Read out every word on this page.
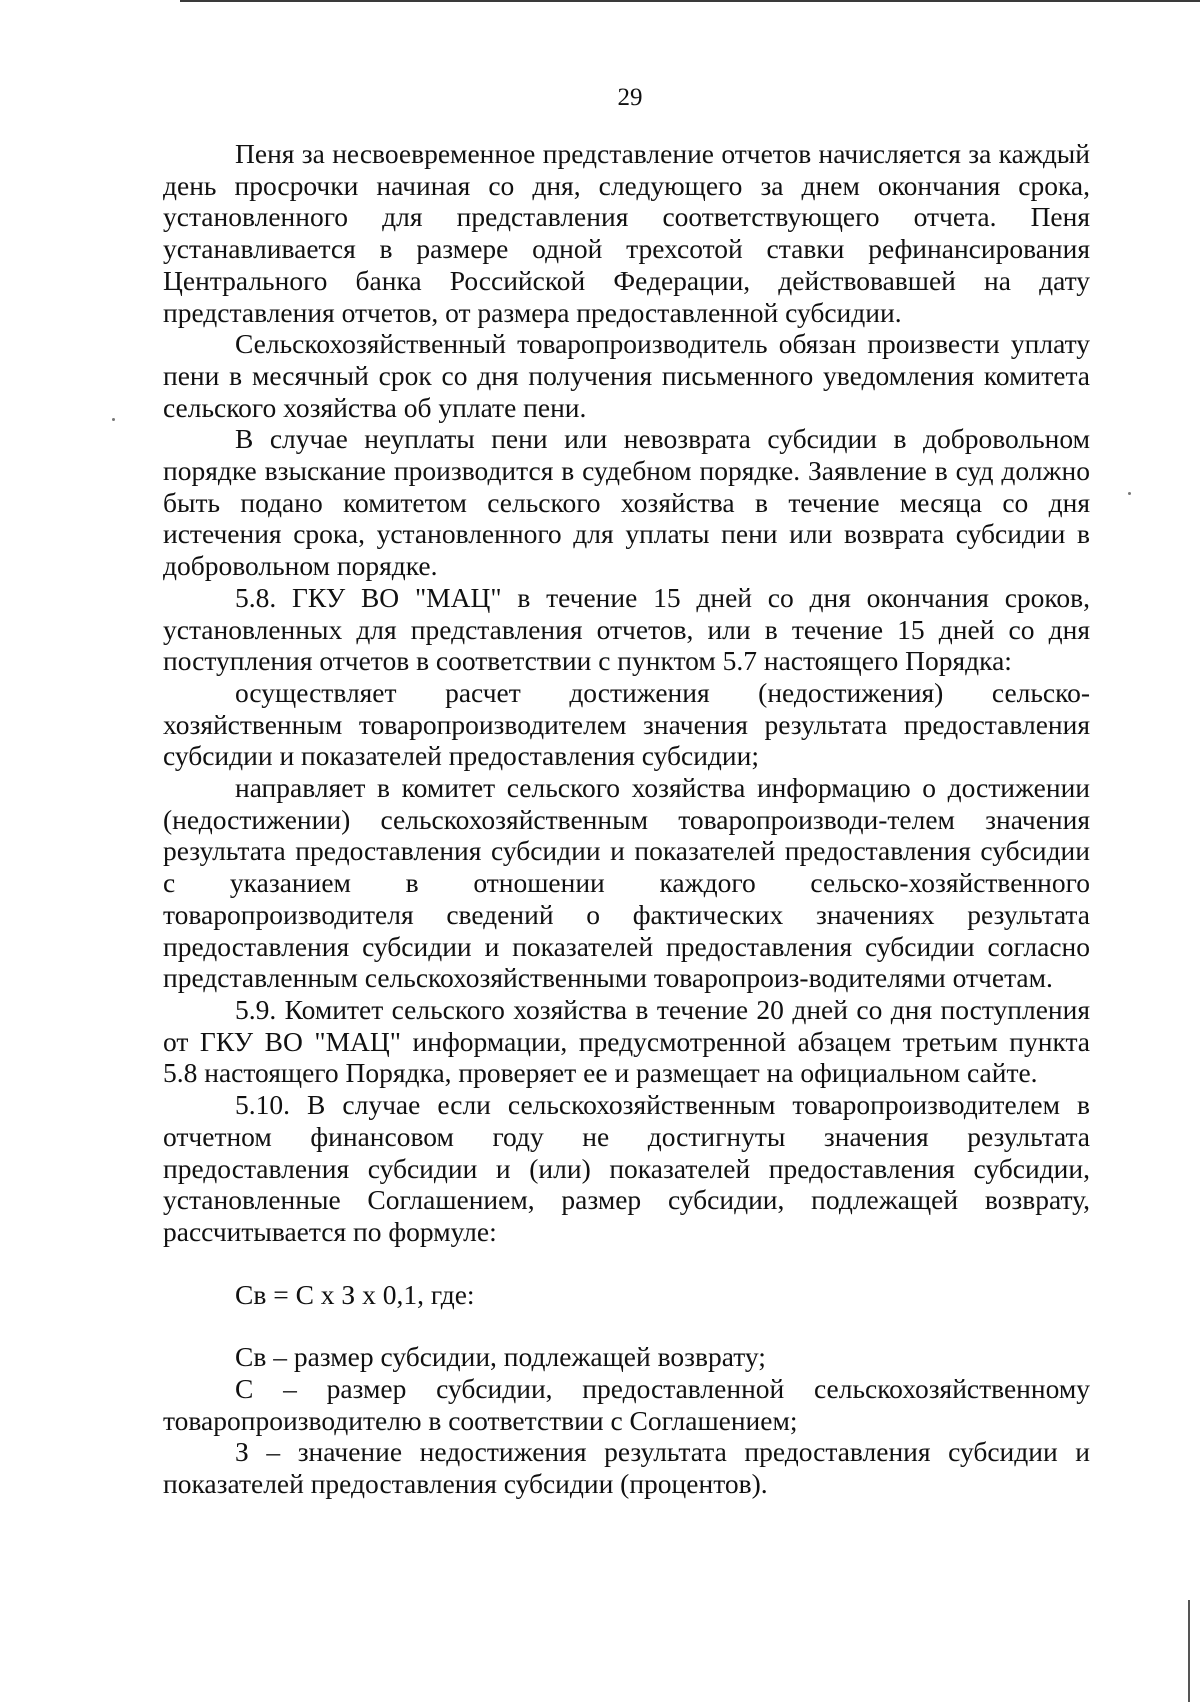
29

Пеня за несвоевременное представление отчетов начисляется за каждый день просрочки начиная со дня, следующего за днем окончания срока, установленного для представления соответствующего отчета. Пеня устанавливается в размере одной трехсотой ставки рефинансирования Центрального банка Российской Федерации, действовавшей на дату представления отчетов, от размера предоставленной субсидии.

Сельскохозяйственный товаропроизводитель обязан произвести уплату пени в месячный срок со дня получения письменного уведомления комитета сельского хозяйства об уплате пени.

В случае неуплаты пени или невозврата субсидии в добровольном порядке взыскание производится в судебном порядке. Заявление в суд должно быть подано комитетом сельского хозяйства в течение месяца со дня истечения срока, установленного для уплаты пени или возврата субсидии в добровольном порядке.

5.8. ГКУ ВО "МАЦ" в течение 15 дней со дня окончания сроков, установленных для представления отчетов, или в течение 15 дней со дня поступления отчетов в соответствии с пунктом 5.7 настоящего Порядка:

осуществляет расчет достижения (недостижения) сельско-хозяйственным товаропроизводителем значения результата предоставления субсидии и показателей предоставления субсидии;

направляет в комитет сельского хозяйства информацию о достижении (недостижении) сельскохозяйственным товаропроизводи-телем значения результата предоставления субсидии и показателей предоставления субсидии с указанием в отношении каждого сельско-хозяйственного товаропроизводителя сведений о фактических значениях результата предоставления субсидии и показателей предоставления субсидии согласно представленным сельскохозяйственными товаропроиз-водителями отчетам.

5.9. Комитет сельского хозяйства в течение 20 дней со дня поступления от ГКУ ВО "МАЦ" информации, предусмотренной абзацем третьим пункта 5.8 настоящего Порядка, проверяет ее и размещает на официальном сайте.

5.10. В случае если сельскохозяйственным товаропроизводителем в отчетном финансовом году не достигнуты значения результата предоставления субсидии и (или) показателей предоставления субсидии, установленные Соглашением, размер субсидии, подлежащей возврату, рассчитывается по формуле:

Св = С х З х 0,1, где:

Св – размер субсидии, подлежащей возврату;

С – размер субсидии, предоставленной сельскохозяйственному товаропроизводителю в соответствии с Соглашением;

З – значение недостижения результата предоставления субсидии и показателей предоставления субсидии (процентов).
